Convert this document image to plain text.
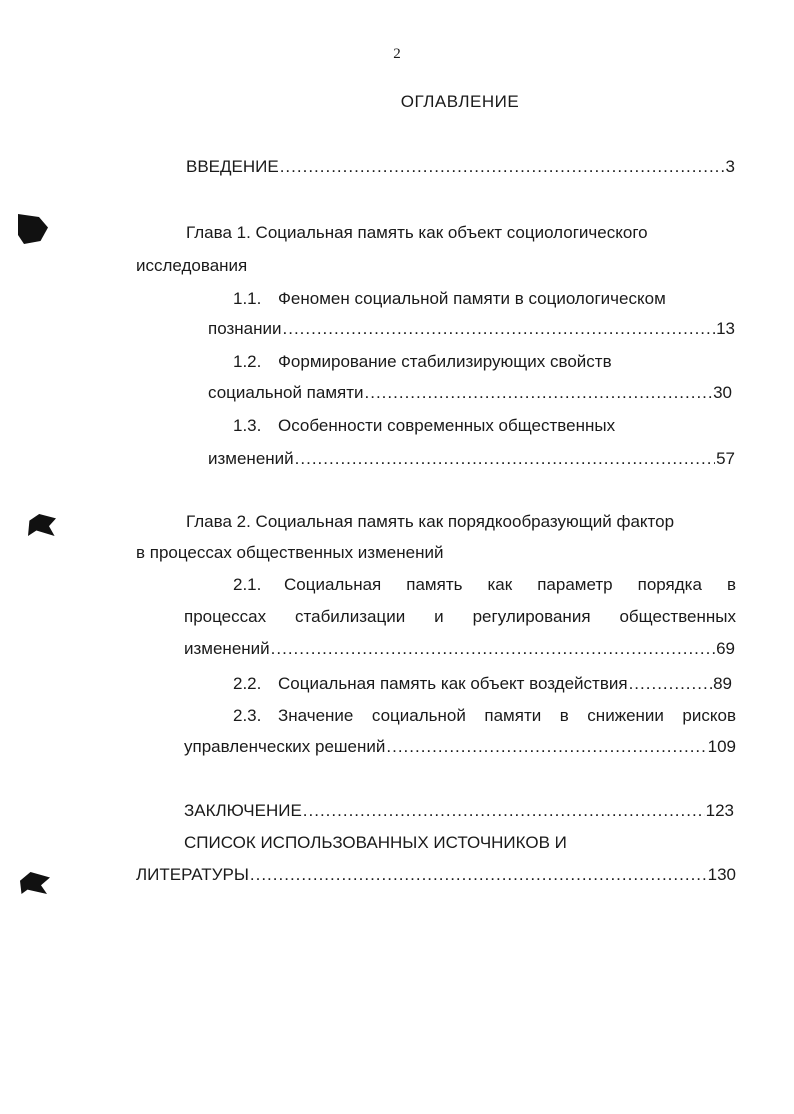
2
ОГЛАВЛЕНИЕ
ВВЕДЕНИЕ .....	3
Глава 1. Социальная память как объект социологического
исследования
1.1. Феномен социальной памяти в социологическом
познании .....	13
1.2. Формирование стабилизирующих свойств
социальной памяти .....	30
1.3. Особенности современных общественных
изменений .....	57
Глава 2. Социальная память как порядкообразующий фактор
в процессах общественных изменений
2.1. Социальная память как параметр порядка в
процессах стабилизации и регулирования общественных
изменений .....	69
2.2. Социальная память как объект воздействия .....	89
2.3. Значение социальной памяти в снижении рисков
управленческих решений .....	109
ЗАКЛЮЧЕНИЕ .....	123
СПИСОК ИСПОЛЬЗОВАННЫХ ИСТОЧНИКОВ И
ЛИТЕРАТУРЫ .....	130
